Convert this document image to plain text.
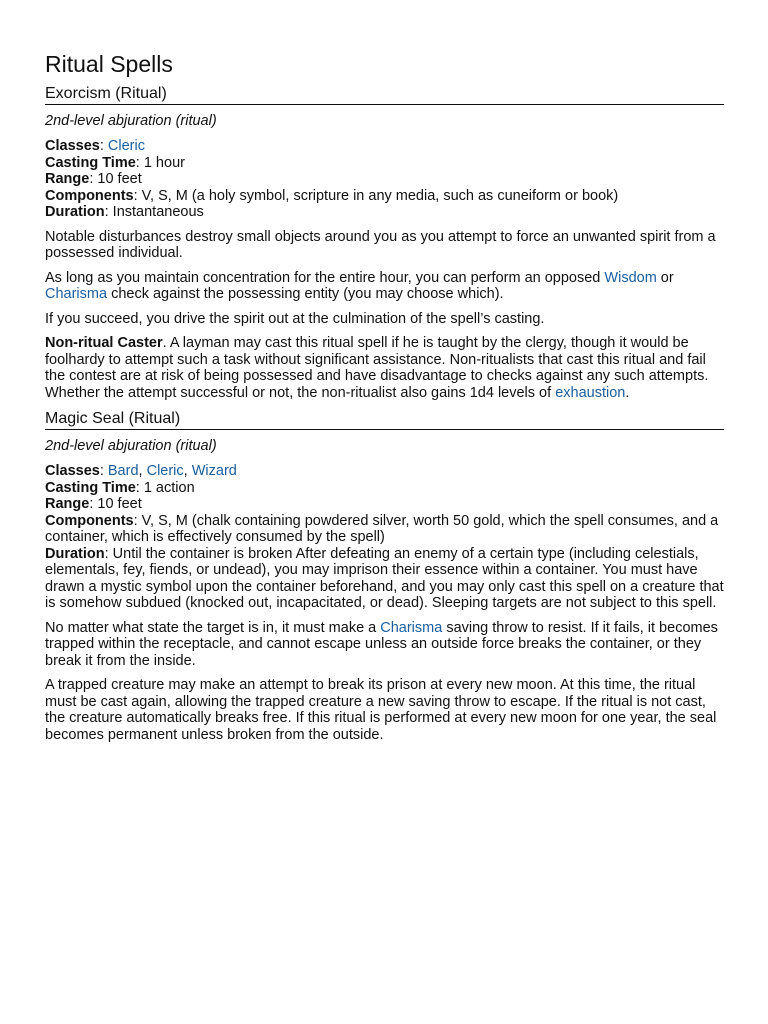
Ritual Spells
Exorcism (Ritual)
2nd-level abjuration (ritual)
Classes: Cleric
Casting Time: 1 hour
Range: 10 feet
Components: V, S, M (a holy symbol, scripture in any media, such as cuneiform or book)
Duration: Instantaneous

Notable disturbances destroy small objects around you as you attempt to force an unwanted spirit from a possessed individual.

As long as you maintain concentration for the entire hour, you can perform an opposed Wisdom or Charisma check against the possessing entity (you may choose which).

If you succeed, you drive the spirit out at the culmination of the spell’s casting.

Non-ritual Caster. A layman may cast this ritual spell if he is taught by the clergy, though it would be foolhardy to attempt such a task without significant assistance. Non-ritualists that cast this ritual and fail the contest are at risk of being possessed and have disadvantage to checks against any such attempts. Whether the attempt successful or not, the non-ritualist also gains 1d4 levels of exhaustion.

Magic Seal (Ritual)
2nd-level abjuration (ritual)
Classes: Bard, Cleric, Wizard
Casting Time: 1 action
Range: 10 feet
Components: V, S, M (chalk containing powdered silver, worth 50 gold, which the spell consumes, and a container, which is effectively consumed by the spell)
Duration: Until the container is broken After defeating an enemy of a certain type (including celestials, elementals, fey, fiends, or undead), you may imprison their essence within a container. You must have drawn a mystic symbol upon the container beforehand, and you may only cast this spell on a creature that is somehow subdued (knocked out, incapacitated, or dead). Sleeping targets are not subject to this spell.

No matter what state the target is in, it must make a Charisma saving throw to resist. If it fails, it becomes trapped within the receptacle, and cannot escape unless an outside force breaks the container, or they break it from the inside.

A trapped creature may make an attempt to break its prison at every new moon. At this time, the ritual must be cast again, allowing the trapped creature a new saving throw to escape. If the ritual is not cast, the creature automatically breaks free. If this ritual is performed at every new moon for one year, the seal becomes permanent unless broken from the outside.
